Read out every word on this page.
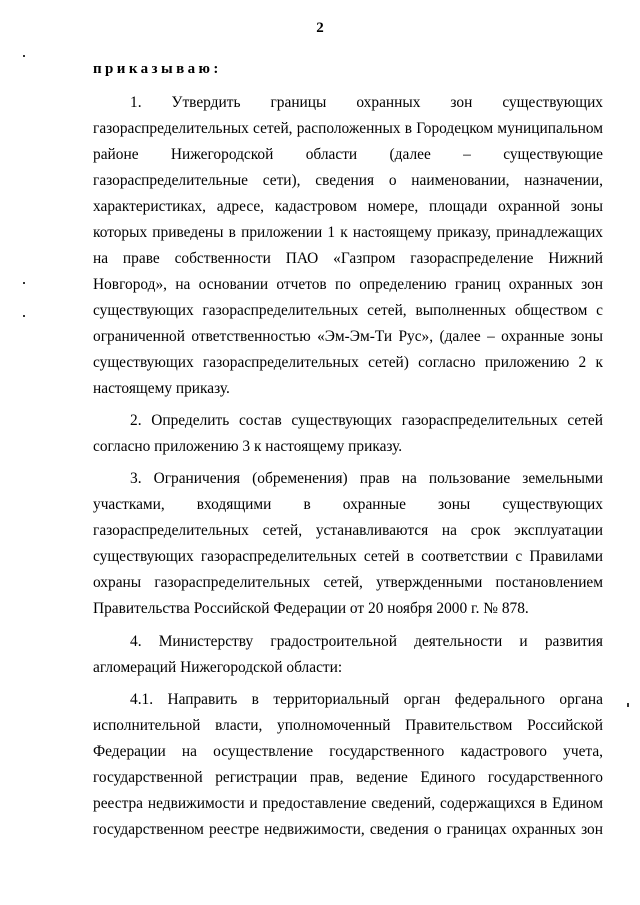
2
приказываю:
1. Утвердить границы охранных зон существующих
газораспределительных сетей, расположенных в Городецком муниципальном
районе Нижегородской области (далее – существующие
газораспределительные сети), сведения о наименовании, назначении,
характеристиках, адресе, кадастровом номере, площади охранной зоны
которых приведены в приложении 1 к настоящему приказу, принадлежащих
на праве собственности ПАО «Газпром газораспределение Нижний
Новгород», на основании отчетов по определению границ охранных зон
существующих газораспределительных сетей, выполненных обществом с
ограниченной ответственностью «Эм-Эм-Ти Рус», (далее – охранные зоны
существующих газораспределительных сетей) согласно приложению 2 к
настоящему приказу.
2. Определить состав существующих газораспределительных сетей
согласно приложению 3 к настоящему приказу.
3. Ограничения (обременения) прав на пользование земельными
участками, входящими в охранные зоны существующих
газораспределительных сетей, устанавливаются на срок эксплуатации
существующих газораспределительных сетей в соответствии с Правилами
охраны газораспределительных сетей, утвержденными постановлением
Правительства Российской Федерации от 20 ноября 2000 г. № 878.
4. Министерству градостроительной деятельности и развития
агломераций Нижегородской области:
4.1. Направить в территориальный орган федерального органа
исполнительной власти, уполномоченный Правительством Российской
Федерации на осуществление государственного кадастрового учета,
государственной регистрации прав, ведение Единого государственного
реестра недвижимости и предоставление сведений, содержащихся в Едином
государственном реестре недвижимости, сведения о границах охранных зон
